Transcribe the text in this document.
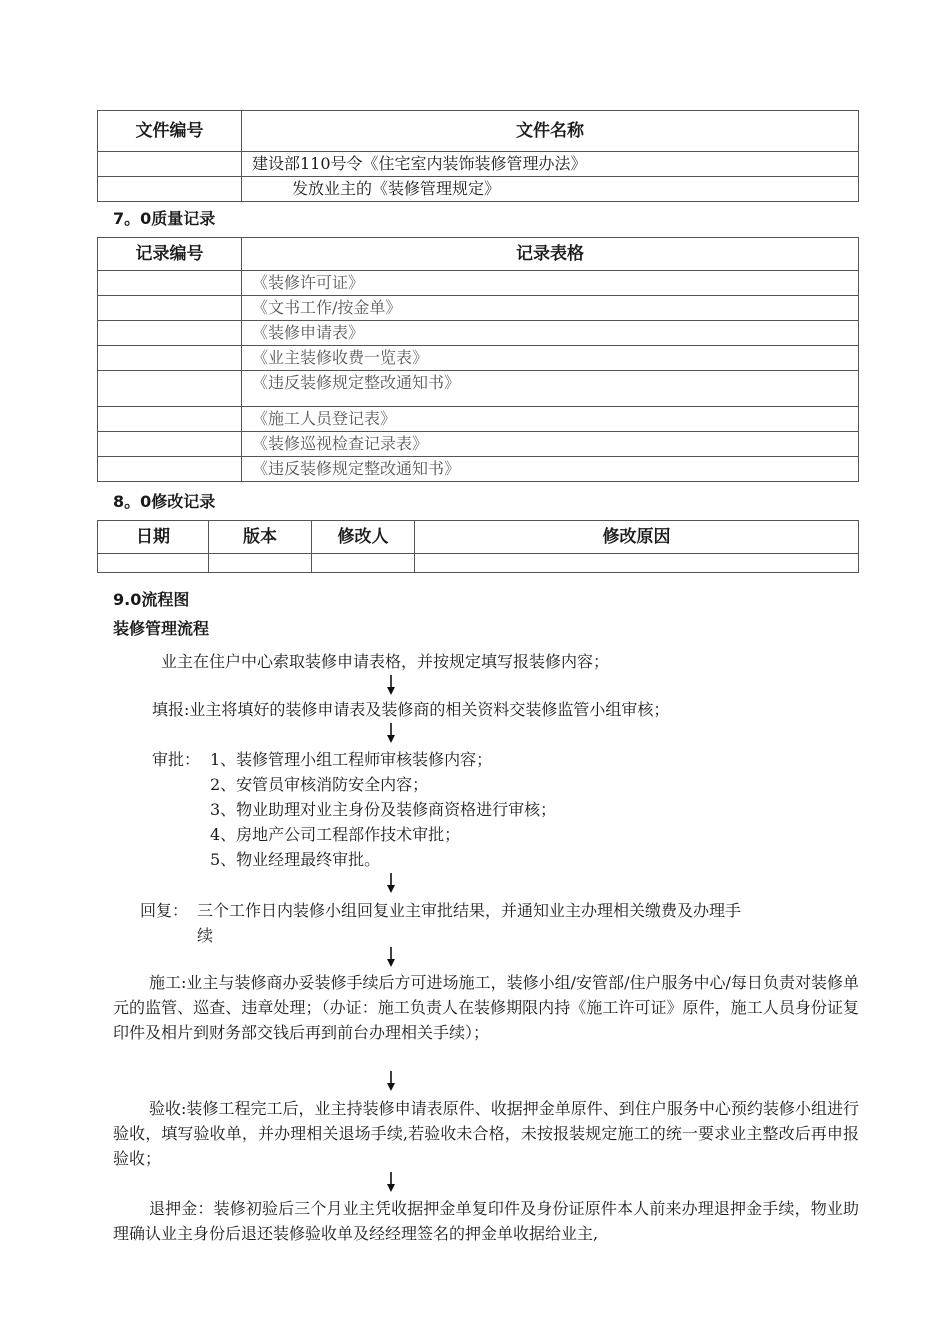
文件编号	文件名称
	建设部110号令《住宅室内装饰装修管理办法》
	发放业主的《装修管理规定》
7。0质量记录
记录编号	记录表格
	《装修许可证》
	《文书工作/按金单》
	《装修申请表》
	《业主装修收费一览表》
	《违反装修规定整改通知书》
	《施工人员登记表》
	《装修巡视检查记录表》
	《违反装修规定整改通知书》
8。0修改记录
日期	版本	修改人	修改原因

9.0流程图
装修管理流程
业主在住户中心索取装修申请表格，并按规定填写报装修内容；
填报:业主将填好的装修申请表及装修商的相关资料交装修监管小组审核；
审批： 1、装修管理小组工程师审核装修内容；
2、安管员审核消防安全内容；
3、物业助理对业主身份及装修商资格进行审核；
4、房地产公司工程部作技术审批；
5、物业经理最终审批。
回复： 三个工作日内装修小组回复业主审批结果，并通知业主办理相关缴费及办理手
续
施工:业主与装修商办妥装修手续后方可进场施工，装修小组/安管部/住户服务中心/每日负责对装修单元的监管、巡查、违章处理；（办证：施工负责人在装修期限内持《施工许可证》原件，施工人员身份证复印件及相片到财务部交钱后再到前台办理相关手续）；
验收:装修工程完工后，业主持装修申请表原件、收据押金单原件、到住户服务中心预约装修小组进行验收，填写验收单，并办理相关退场手续,若验收未合格，未按报装规定施工的统一要求业主整改后再申报验收；
退押金：装修初验后三个月业主凭收据押金单复印件及身份证原件本人前来办理退押金手续，物业助理确认业主身份后退还装修验收单及经经理签名的押金单收据给业主,
